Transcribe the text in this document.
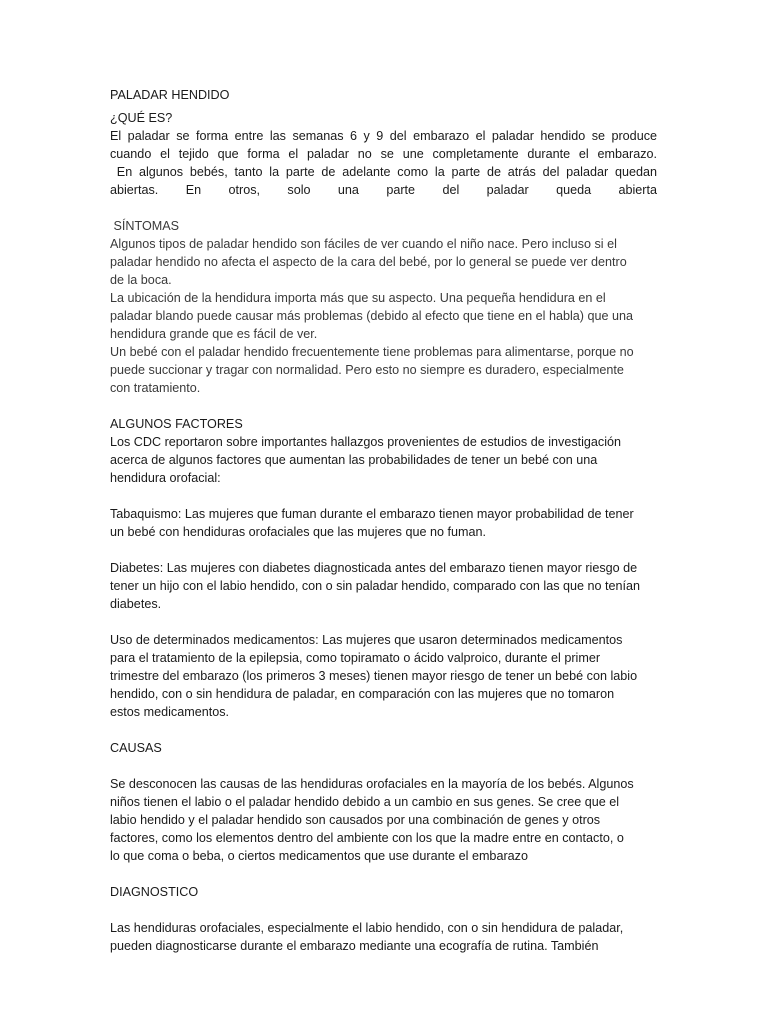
PALADAR HENDIDO
¿QUÉ ES?
El paladar se forma entre las semanas 6 y 9 del embarazo el paladar hendido se produce
cuando el tejido que forma el paladar no se une completamente durante el embarazo.
En algunos bebés, tanto la parte de adelante como la parte de atrás del paladar quedan
abiertas. En otros, solo una parte del paladar queda abierta
SÍNTOMAS
Algunos tipos de paladar hendido son fáciles de ver cuando el niño nace. Pero incluso si el
paladar hendido no afecta el aspecto de la cara del bebé, por lo general se puede ver dentro
de la boca.
La ubicación de la hendidura importa más que su aspecto. Una pequeña hendidura en el
paladar blando puede causar más problemas (debido al efecto que tiene en el habla) que una
hendidura grande que es fácil de ver.
Un bebé con el paladar hendido frecuentemente tiene problemas para alimentarse, porque no
puede succionar y tragar con normalidad. Pero esto no siempre es duradero, especialmente
con tratamiento.
ALGUNOS FACTORES
Los CDC reportaron sobre importantes hallazgos provenientes de estudios de investigación
acerca de algunos factores que aumentan las probabilidades de tener un bebé con una
hendidura orofacial:
Tabaquismo: Las mujeres que fuman durante el embarazo tienen mayor probabilidad de tener
un bebé con hendiduras orofaciales que las mujeres que no fuman.
Diabetes: Las mujeres con diabetes diagnosticada antes del embarazo tienen mayor riesgo de
tener un hijo con el labio hendido, con o sin paladar hendido, comparado con las que no tenían
diabetes.
Uso de determinados medicamentos: Las mujeres que usaron determinados medicamentos
para el tratamiento de la epilepsia, como topiramato o ácido valproico, durante el primer
trimestre del embarazo (los primeros 3 meses) tienen mayor riesgo de tener un bebé con labio
hendido, con o sin hendidura de paladar, en comparación con las mujeres que no tomaron
estos medicamentos.
CAUSAS
Se desconocen las causas de las hendiduras orofaciales en la mayoría de los bebés. Algunos
niños tienen el labio o el paladar hendido debido a un cambio en sus genes. Se cree que el
labio hendido y el paladar hendido son causados por una combinación de genes y otros
factores, como los elementos dentro del ambiente con los que la madre entre en contacto, o
lo que coma o beba, o ciertos medicamentos que use durante el embarazo
DIAGNOSTICO
Las hendiduras orofaciales, especialmente el labio hendido, con o sin hendidura de paladar,
pueden diagnosticarse durante el embarazo mediante una ecografía de rutina. También
